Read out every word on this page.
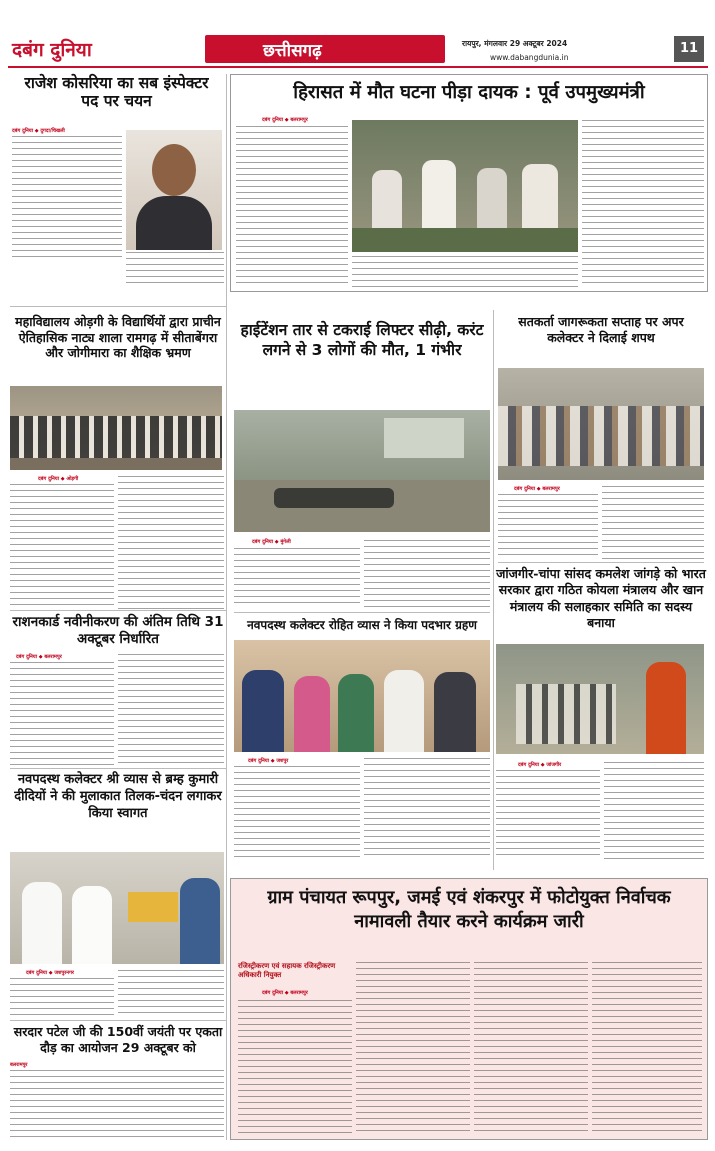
दबंग दुनिया	छत्तीसगढ़	रायपुर, मंगलवार 29 अक्टूबर 2024
www.dabangdunia.in
11
राजेश कोसरिया का सब इंस्पेक्टर पद पर चयन
दबंग दुनिया ◆ दुगदा/चिखली
हिरासत में मौत घटना पीड़ा दायक : पूर्व उपमुख्यमंत्री
दबंग दुनिया ◆ बलरामपुर
महाविद्यालय ओड़गी के विद्यार्थियों द्वारा प्राचीन ऐतिहासिक नाट्य शाला रामगढ़ में सीताबेंगरा और जोगीमारा का शैक्षिक भ्रमण
दबंग दुनिया ◆ ओड़गी
हाईटेंशन तार से टकराई लिफ्टर सीढ़ी, करंट लगने से 3 लोगों की मौत, 1 गंभीर
दबंग दुनिया ◆ मुंगेली
सतकर्ता जागरूकता सप्ताह पर अपर कलेक्टर ने दिलाई शपथ
दबंग दुनिया ◆ बलरामपुर
जांजगीर-चांपा सांसद कमलेश जांगड़े को भारत सरकार द्वारा गठित कोयला मंत्रालय और खान मंत्रालय की सलाहकार समिति का सदस्य बनाया
दबंग दुनिया ◆ जांजगीर
राशनकार्ड नवीनीकरण की अंतिम तिथि 31 अक्टूबर निर्धारित
दबंग दुनिया ◆ बलरामपुर
नवपदस्थ कलेक्टर रोहित व्यास ने किया पदभार ग्रहण
दबंग दुनिया ◆ जशपुर
नवपदस्थ कलेक्टर श्री व्यास से ब्रम्ह कुमारी दीदियों ने की मुलाकात तिलक-चंदन लगाकर किया स्वागत
दबंग दुनिया ◆ जशपुरनगर
ग्राम पंचायत रूपपुर, जमई एवं शंकरपुर में फोटोयुक्त निर्वाचक नामावली तैयार करने कार्यक्रम जारी
रजिस्ट्रीकरण एवं सहायक रजिस्ट्रीकरण अधिकारी नियुक्त
दबंग दुनिया ◆ बलरामपुर
सरदार पटेल जी की 150वीं जयंती पर एकता दौड़ का आयोजन 29 अक्टूबर को
बलरामपुर
